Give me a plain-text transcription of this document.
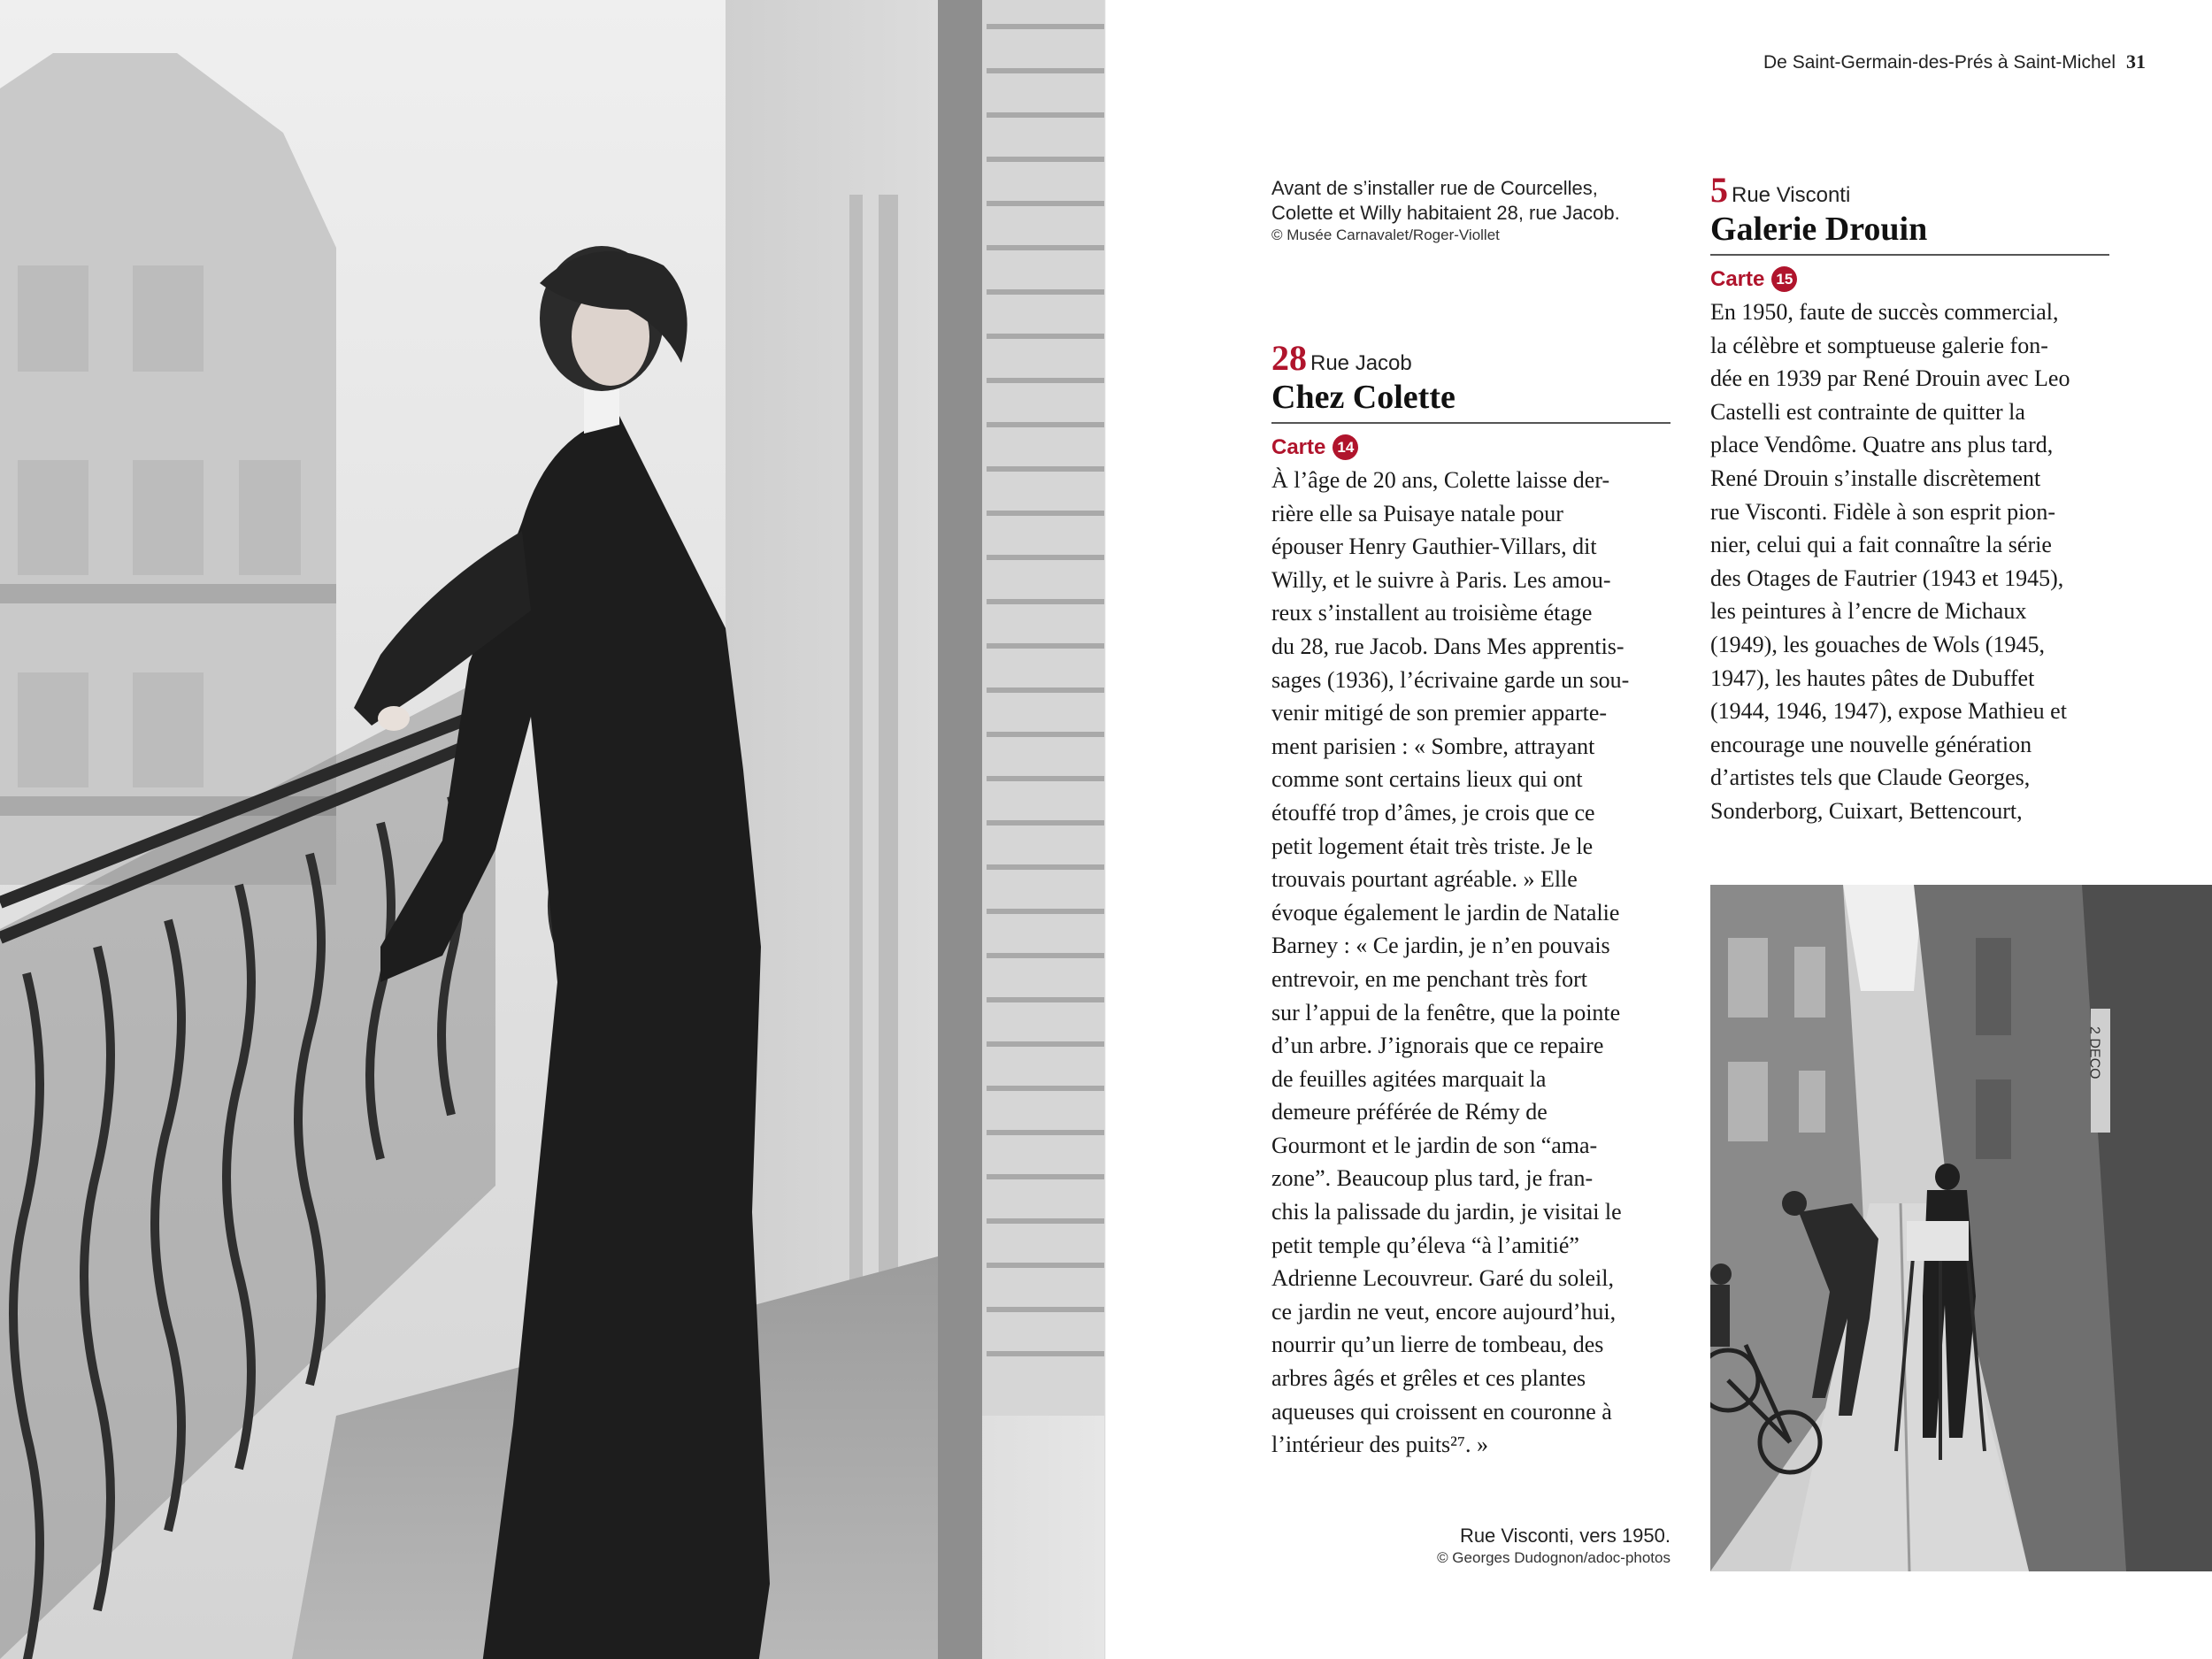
De Saint-Germain-des-Prés à Saint-Michel 31
Avant de s’installer rue de Courcelles,
Colette et Willy habitaient 28, rue Jacob.
© Musée Carnavalet/Roger-Viollet
28 Rue Jacob
Chez Colette
Carte 14
À l’âge de 20 ans, Colette laisse der-
rière elle sa Puisaye natale pour
épouser Henry Gauthier-Villars, dit
Willy, et le suivre à Paris. Les amou-
reux s’installent au troisième étage
du 28, rue Jacob. Dans Mes apprentis-
sages (1936), l’écrivaine garde un sou-
venir mitigé de son premier apparte-
ment parisien : « Sombre, attrayant
comme sont certains lieux qui ont
étouffé trop d’âmes, je crois que ce
petit logement était très triste. Je le
trouvais pourtant agréable. » Elle
évoque également le jardin de Natalie
Barney : « Ce jardin, je n’en pouvais
entrevoir, en me penchant très fort
sur l’appui de la fenêtre, que la pointe
d’un arbre. J’ignorais que ce repaire
de feuilles agitées marquait la
demeure préférée de Rémy de
Gourmont et le jardin de son “ama-
zone”. Beaucoup plus tard, je fran-
chis la palissade du jardin, je visitai le
petit temple qu’éleva “à l’amitié”
Adrienne Lecouvreur. Garé du soleil,
ce jardin ne veut, encore aujourd’hui,
nourrir qu’un lierre de tombeau, des
arbres âgés et grêles et ces plantes
aqueuses qui croissent en couronne à
l’intérieur des puits²⁷. »
5 Rue Visconti
Galerie Drouin
Carte 15
En 1950, faute de succès commercial,
la célèbre et somptueuse galerie fon-
dée en 1939 par René Drouin avec Leo
Castelli est contrainte de quitter la
place Vendôme. Quatre ans plus tard,
René Drouin s’installe discrètement
rue Visconti. Fidèle à son esprit pion-
nier, celui qui a fait connaître la série
des Otages de Fautrier (1943 et 1945),
les peintures à l’encre de Michaux
(1949), les gouaches de Wols (1945,
1947), les hautes pâtes de Dubuffet
(1944, 1946, 1947), expose Mathieu et
encourage une nouvelle génération
d’artistes tels que Claude Georges,
Sonderborg, Cuixart, Bettencourt,
2 DECO
Rue Visconti, vers 1950.
© Georges Dudognon/adoc-photos
